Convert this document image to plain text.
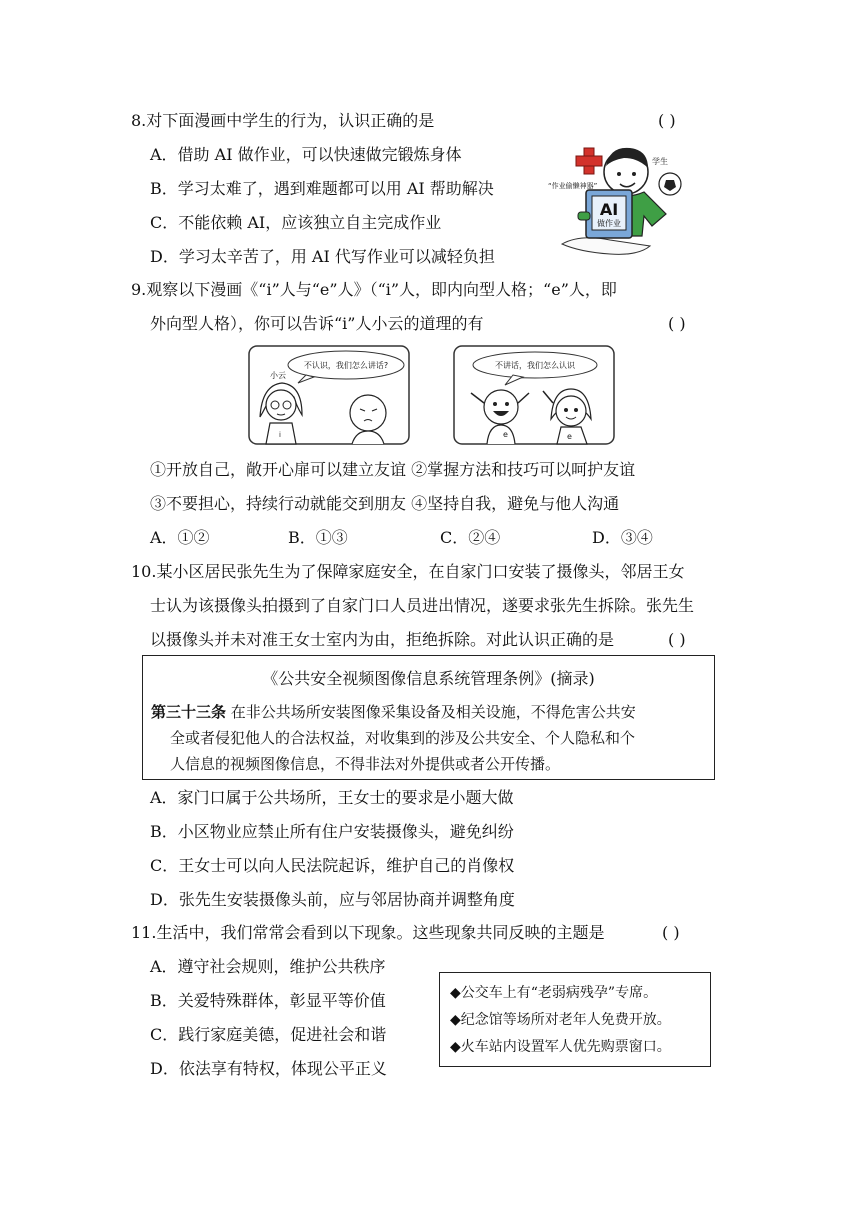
8.对下面漫画中学生的行为，认识正确的是	( )
A．借助 AI 做作业，可以快速做完锻炼身体
B．学习太难了，遇到难题都可以用 AI 帮助解决
C．不能依赖 AI，应该独立自主完成作业
D．学习太辛苦了，用 AI 代写作业可以减轻负担
AI
做作业
“作业偷懒神器”
学生
9.观察以下漫画《“i”人与“e”人》（“i”人，即内向型人格；“e”人，即
外向型人格），你可以告诉“i”人小云的道理的有	( )
不认识，我们怎么讲话?
小云
i
不讲话，我们怎么认识
e	e
①开放自己，敞开心扉可以建立友谊 ②掌握方法和技巧可以呵护友谊
③不要担心，持续行动就能交到朋友 ④坚持自我，避免与他人沟通
A．①②	B．①③	C．②④	D．③④
10.某小区居民张先生为了保障家庭安全，在自家门口安装了摄像头，邻居王女
士认为该摄像头拍摄到了自家门口人员进出情况，遂要求张先生拆除。张先生
以摄像头并未对准王女士室内为由，拒绝拆除。对此认识正确的是	( )
《公共安全视频图像信息系统管理条例》(摘录)
第三十三条 在非公共场所安装图像采集设备及相关设施，不得危害公共安
全或者侵犯他人的合法权益，对收集到的涉及公共安全、个人隐私和个
人信息的视频图像信息，不得非法对外提供或者公开传播。
A．家门口属于公共场所，王女士的要求是小题大做
B．小区物业应禁止所有住户安装摄像头，避免纠纷
C．王女士可以向人民法院起诉，维护自己的肖像权
D．张先生安装摄像头前，应与邻居协商并调整角度
11.生活中，我们常常会看到以下现象。这些现象共同反映的主题是	( )
A．遵守社会规则，维护公共秩序
B．关爱特殊群体，彰显平等价值
C．践行家庭美德，促进社会和谐
D．依法享有特权，体现公平正义
◆公交车上有“老弱病残孕”专席。
◆纪念馆等场所对老年人免费开放。
◆火车站内设置军人优先购票窗口。
